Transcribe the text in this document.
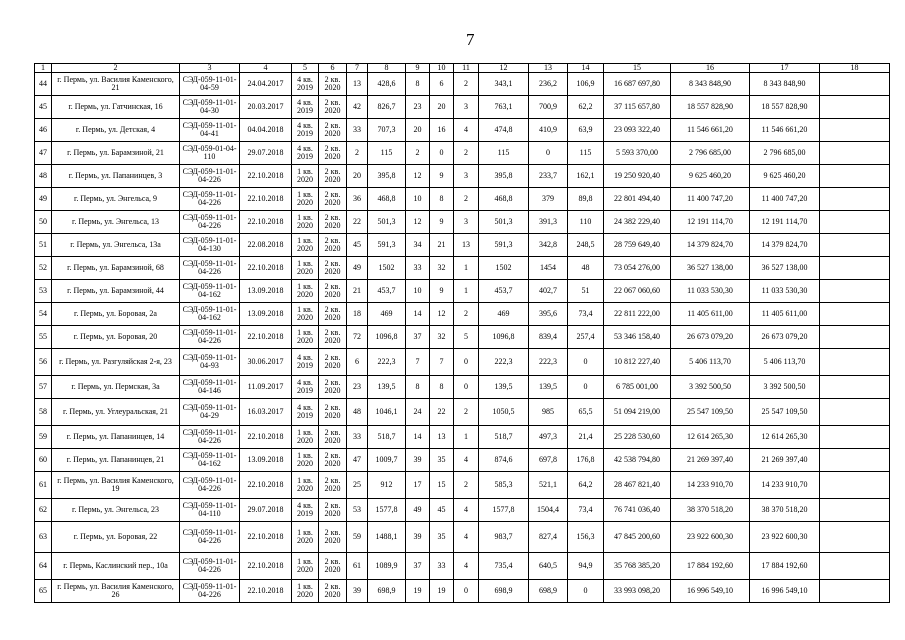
7
1	2	3	4	5	6	7	8	9	10	11	12	13	14	15	16	17	18
44	г. Пермь, ул. Василия Каменского, 21	СЭД-059-11-01-04-59	24.04.2017	4 кв. 2019	2 кв. 2020	13	428,6	8	6	2	343,1	236,2	106,9	16 687 697,80	8 343 848,90	8 343 848,90	
45	г. Пермь, ул. Гатчинская, 16	СЭД-059-11-01-04-30	20.03.2017	4 кв. 2019	2 кв. 2020	42	826,7	23	20	3	763,1	700,9	62,2	37 115 657,80	18 557 828,90	18 557 828,90	
46	г. Пермь, ул. Детская, 4	СЭД-059-11-01-04-41	04.04.2018	4 кв. 2019	2 кв. 2020	33	707,3	20	16	4	474,8	410,9	63,9	23 093 322,40	11 546 661,20	11 546 661,20	
47	г. Пермь, ул. Барамзиной, 21	СЭД-059-01-04-110	29.07.2018	4 кв. 2019	2 кв. 2020	2	115	2	0	2	115	0	115	5 593 370,00	2 796 685,00	2 796 685,00	
48	г. Пермь, ул. Папанинцев, 3	СЭД-059-11-01-04-226	22.10.2018	1 кв. 2020	2 кв. 2020	20	395,8	12	9	3	395,8	233,7	162,1	19 250 920,40	9 625 460,20	9 625 460,20	
49	г. Пермь, ул. Энгельса, 9	СЭД-059-11-01-04-226	22.10.2018	1 кв. 2020	2 кв. 2020	36	468,8	10	8	2	468,8	379	89,8	22 801 494,40	11 400 747,20	11 400 747,20	
50	г. Пермь, ул. Энгельса, 13	СЭД-059-11-01-04-226	22.10.2018	1 кв. 2020	2 кв. 2020	22	501,3	12	9	3	501,3	391,3	110	24 382 229,40	12 191 114,70	12 191 114,70	
51	г. Пермь, ул. Энгельса, 13а	СЭД-059-11-01-04-130	22.08.2018	1 кв. 2020	2 кв. 2020	45	591,3	34	21	13	591,3	342,8	248,5	28 759 649,40	14 379 824,70	14 379 824,70	
52	г. Пермь, ул. Барамзиной, 68	СЭД-059-11-01-04-226	22.10.2018	1 кв. 2020	2 кв. 2020	49	1502	33	32	1	1502	1454	48	73 054 276,00	36 527 138,00	36 527 138,00	
53	г. Пермь, ул. Барамзиной, 44	СЭД-059-11-01-04-162	13.09.2018	1 кв. 2020	2 кв. 2020	21	453,7	10	9	1	453,7	402,7	51	22 067 060,60	11 033 530,30	11 033 530,30	
54	г. Пермь, ул. Боровая, 2а	СЭД-059-11-01-04-162	13.09.2018	1 кв. 2020	2 кв. 2020	18	469	14	12	2	469	395,6	73,4	22 811 222,00	11 405 611,00	11 405 611,00	
55	г. Пермь, ул. Боровая, 20	СЭД-059-11-01-04-226	22.10.2018	1 кв. 2020	2 кв. 2020	72	1096,8	37	32	5	1096,8	839,4	257,4	53 346 158,40	26 673 079,20	26 673 079,20	
56	г. Пермь, ул. Разгуляйская 2-я, 23	СЭД-059-11-01-04-93	30.06.2017	4 кв. 2019	2 кв. 2020	6	222,3	7	7	0	222,3	222,3	0	10 812 227,40	5 406 113,70	5 406 113,70	
57	г. Пермь, ул. Пермская, 3а	СЭД-059-11-01-04-146	11.09.2017	4 кв. 2019	2 кв. 2020	23	139,5	8	8	0	139,5	139,5	0	6 785 001,00	3 392 500,50	3 392 500,50	
58	г. Пермь, ул. Углеуральская, 21	СЭД-059-11-01-04-29	16.03.2017	4 кв. 2019	2 кв. 2020	48	1046,1	24	22	2	1050,5	985	65,5	51 094 219,00	25 547 109,50	25 547 109,50	
59	г. Пермь, ул. Папанинцев, 14	СЭД-059-11-01-04-226	22.10.2018	1 кв. 2020	2 кв. 2020	33	518,7	14	13	1	518,7	497,3	21,4	25 228 530,60	12 614 265,30	12 614 265,30	
60	г. Пермь, ул. Папанинцев, 21	СЭД-059-11-01-04-162	13.09.2018	1 кв. 2020	2 кв. 2020	47	1009,7	39	35	4	874,6	697,8	176,8	42 538 794,80	21 269 397,40	21 269 397,40	
61	г. Пермь, ул. Василия Каменского, 19	СЭД-059-11-01-04-226	22.10.2018	1 кв. 2020	2 кв. 2020	25	912	17	15	2	585,3	521,1	64,2	28 467 821,40	14 233 910,70	14 233 910,70	
62	г. Пермь, ул. Энгельса, 23	СЭД-059-11-01-04-110	29.07.2018	4 кв. 2019	2 кв. 2020	53	1577,8	49	45	4	1577,8	1504,4	73,4	76 741 036,40	38 370 518,20	38 370 518,20	
63	г. Пермь, ул. Боровая, 22	СЭД-059-11-01-04-226	22.10.2018	1 кв. 2020	2 кв. 2020	59	1488,1	39	35	4	983,7	827,4	156,3	47 845 200,60	23 922 600,30	23 922 600,30	
64	г. Пермь, Каслинский пер., 10а	СЭД-059-11-01-04-226	22.10.2018	1 кв. 2020	2 кв. 2020	61	1089,9	37	33	4	735,4	640,5	94,9	35 768 385,20	17 884 192,60	17 884 192,60	
65	г. Пермь, ул. Василия Каменского, 26	СЭД-059-11-01-04-226	22.10.2018	1 кв. 2020	2 кв. 2020	39	698,9	19	19	0	698,9	698,9	0	33 993 098,20	16 996 549,10	16 996 549,10	
